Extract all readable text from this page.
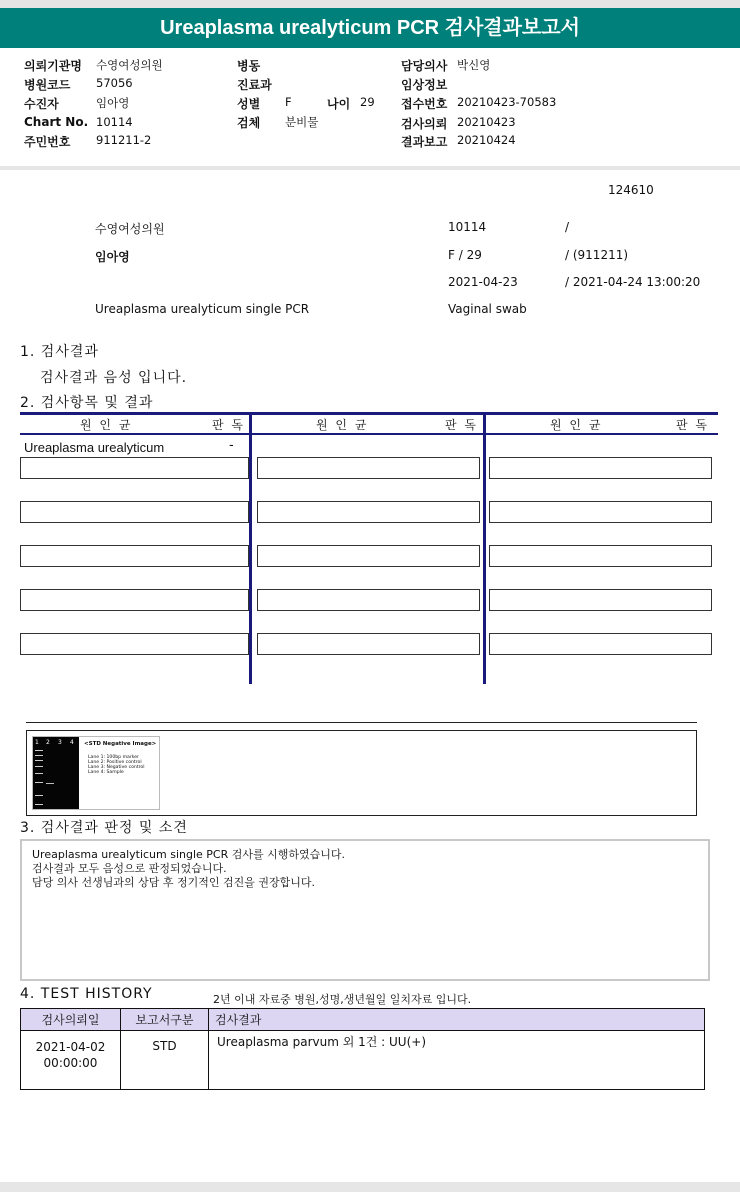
Ureaplasma urealyticum PCR 검사결과보고서
의뢰기관명 수영여성의원
병원코드 57056
수진자	임아영
Chart No. 10114
주민번호 911211-2
병동
진료과
성별 F	나이 29
검체 분비물
담당의사 박신영
임상정보
접수번호 20210423-70583
검사의뢰 20210423
결과보고 20210424
124610
수영여성의원	10114	/
임아영	F / 29	/ (911211)
2021-04-23	/ 2021-04-24 13:00:20
Ureaplasma urealyticum single PCR	Vaginal swab
1. 검사결과
검사결과 음성 입니다.
2. 검사항목 및 결과
원 인 균	판 독	원 인 균	판 독	원 인 균	판 독
Ureaplasma urealyticum	-
1 2 3 4 <STD Negative Image>
Lane 1: 100bp marker
Lane 2: Positive control
Lane 3: Negative control
Lane 4: Sample
3. 검사결과 판정 및 소견
Ureaplasma urealyticum single PCR 검사를 시행하였습니다.
검사결과 모두 음성으로 판정되었습니다.
담당 의사 선생님과의 상담 후 정기적인 검진을 권장합니다.
4. TEST HISTORY	2년 이내 자료중 병원,성명,생년월일 일치자료 입니다.
검사의뢰일	보고서구분	검사결과

2021-04-02
00:00:00	STD	Ureaplasma parvum 외 1건 : UU(+)
